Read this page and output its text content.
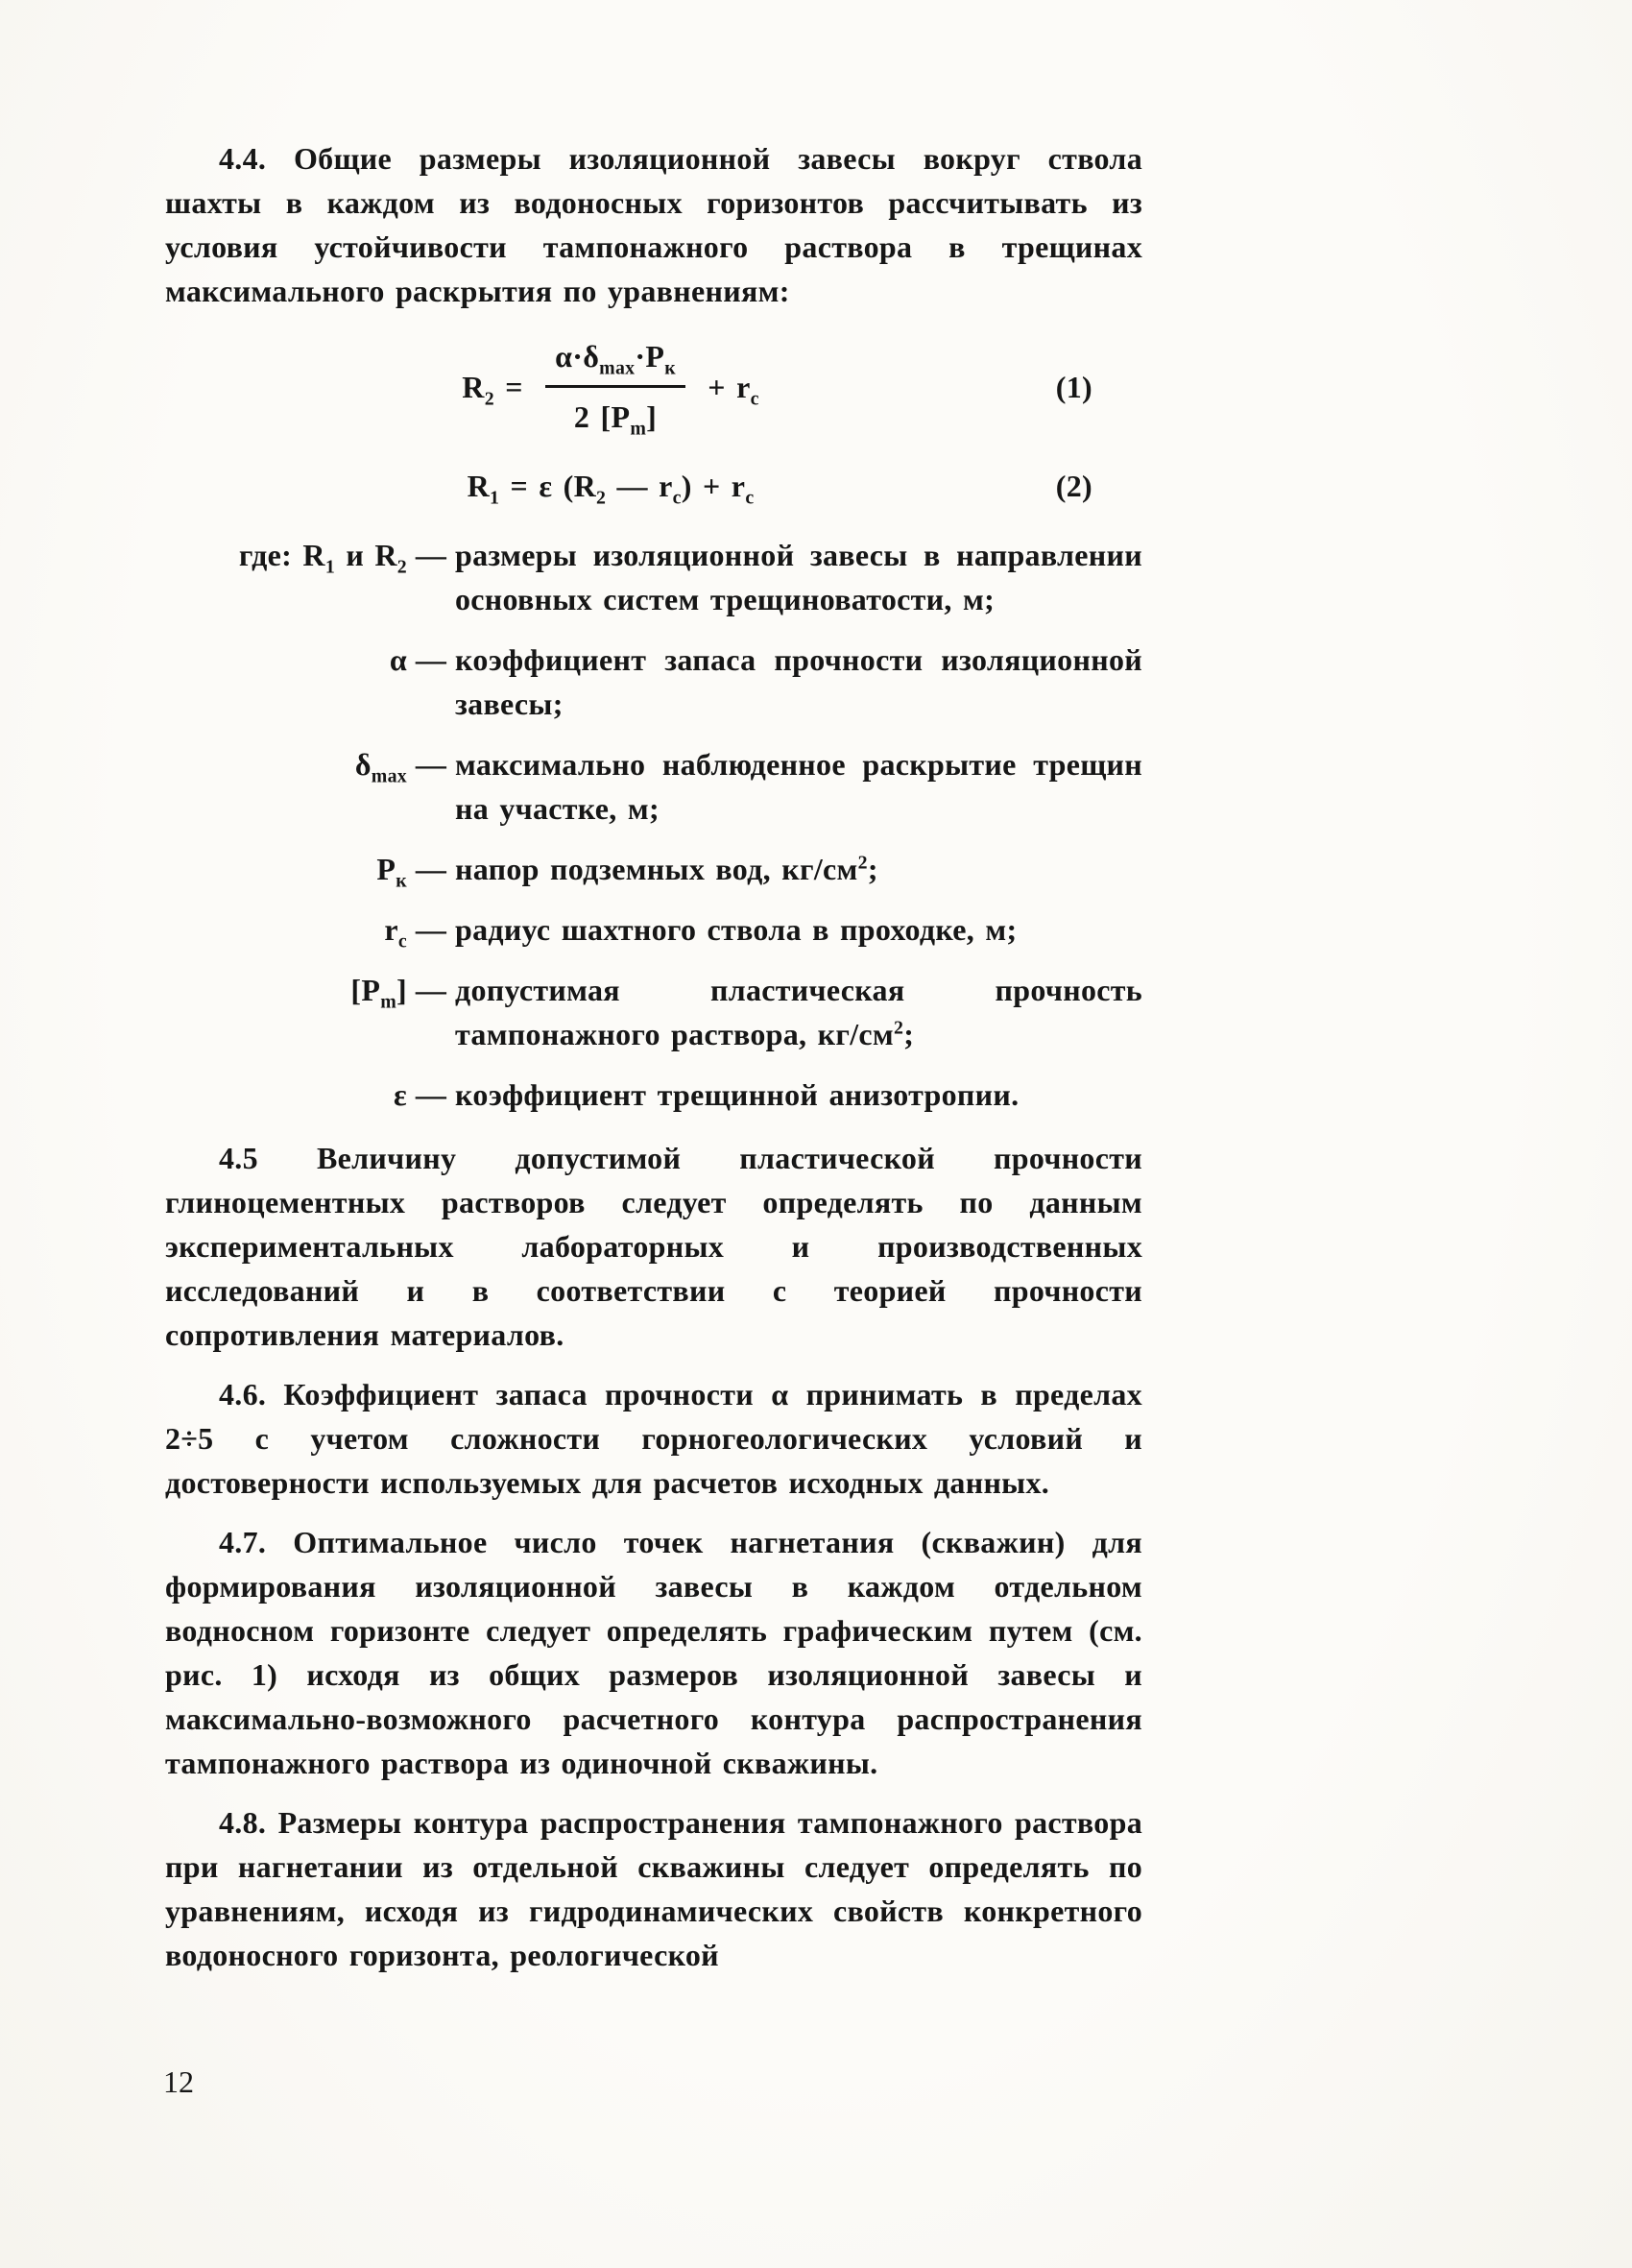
4.4. Общие размеры изоляционной завесы вокруг ствола шахты в каждом из водоносных горизонтов рассчитывать из условия устойчивости тампонажного раствора в трещинах максимального раскрытия по уравнениям:

$R_2 = \frac{\alpha\cdot\delta_{max}\cdot P_к}{2 [P_m]} + r_c$	(1)
$R_1 = \varepsilon$ ($R_2$ — $r_c) + r_c$	(2)
где: $R_1$ и $R_2$ — размеры изоляционной завесы в направлении основных систем трещиноватости, м;
α — коэффициент запаса прочности изоляционной завесы;
$\delta_{max}$ — максимально наблюденное раскрытие трещин на участке, м;
$P_к$ — напор подземных вод, $кг/см^2$;
$r_c$ — радиус шахтного ствола в проходке, м;
$[P_m]$ — допустимая пластическая прочность тампонажного раствора, $кг/см^2$;
ε — коэффициент трещинной анизотропии.

4.5 Величину допустимой пластической прочности глиноцементных растворов следует определять по данным экспериментальных лабораторных и производственных исследований и в соответствии с теорией прочности сопротивления материалов.

4.6. Коэффициент запаса прочности α принимать в пределах 2÷5 с учетом сложности горногеологических условий и достоверности используемых для расчетов исходных данных.

4.7. Оптимальное число точек нагнетания (скважин) для формирования изоляционной завесы в каждом отдельном водносном горизонте следует определять графическим путем (см. рис. 1) исходя из общих размеров изоляционной завесы и максимально-возможного расчетного контура распространения тампонажного раствора из одиночной скважины.

4.8. Размеры контура распространения тампонажного раствора при нагнетании из отдельной скважины следует определять по уравнениям, исходя из гидродинамических свойств конкретного водоносного горизонта, реологической

12
